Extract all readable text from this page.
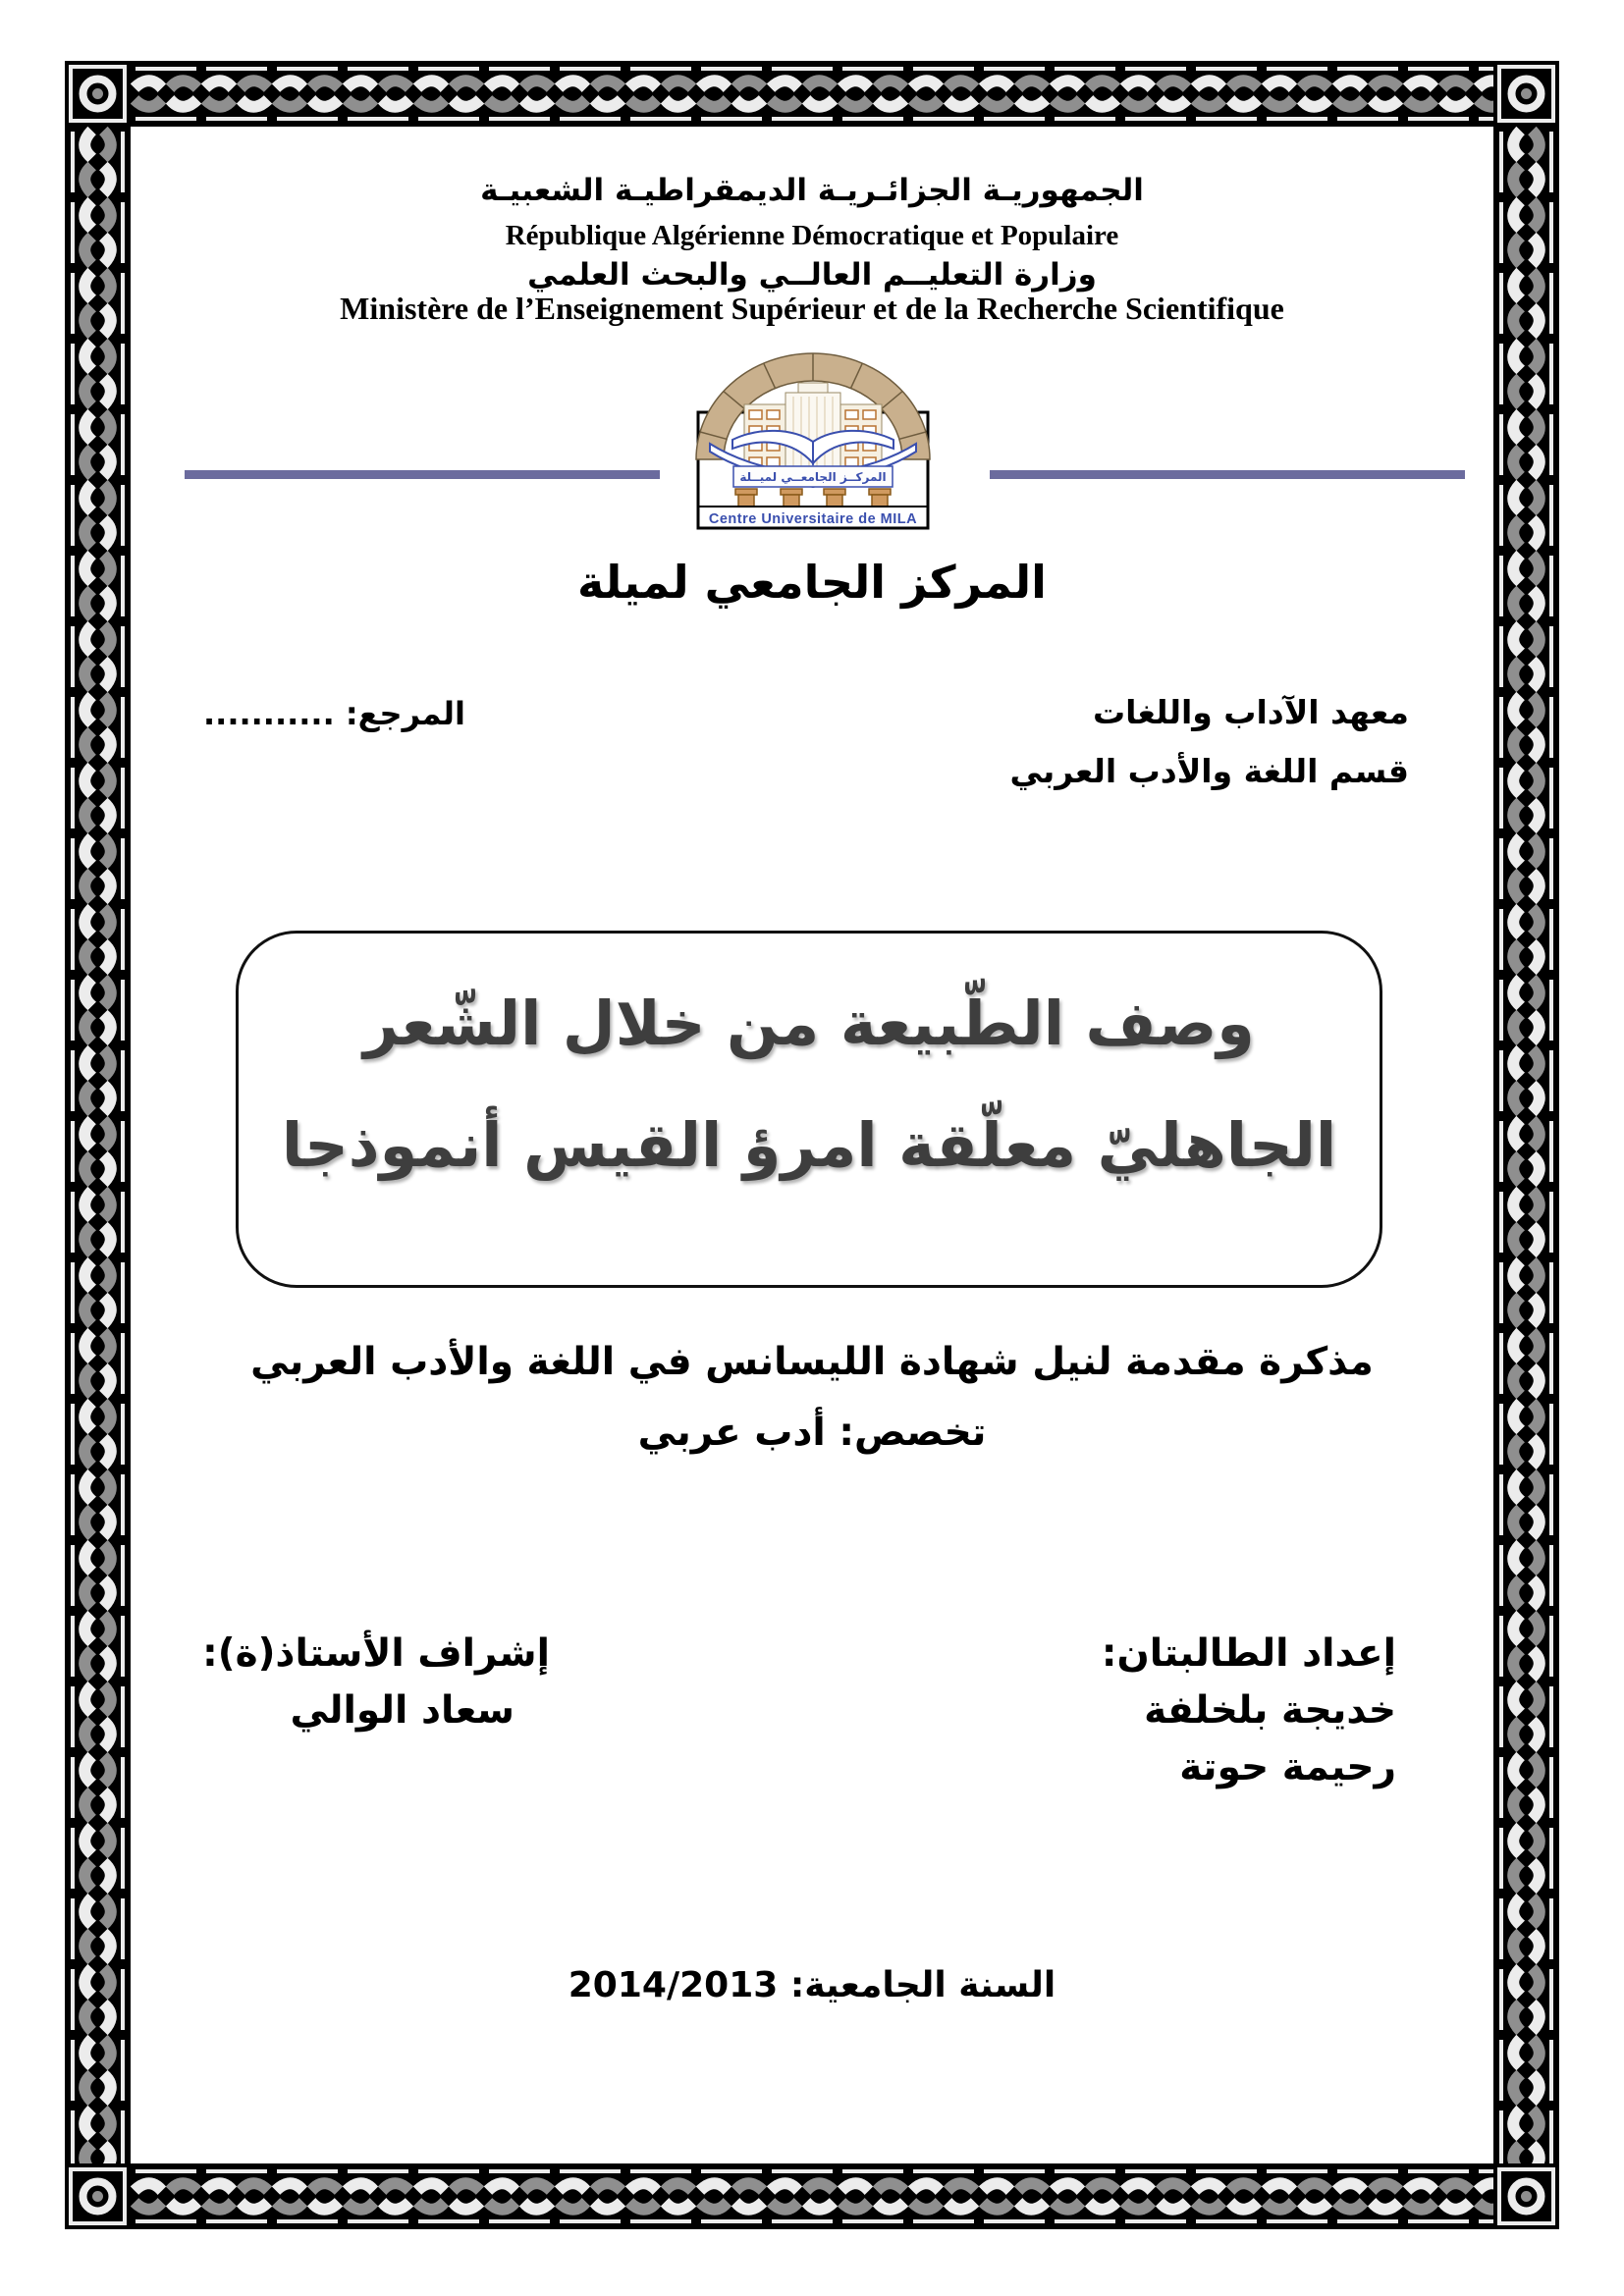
الجمهوريـة الجزائـريـة الديمقراطيـة الشعبيـة
République Algérienne Démocratique et Populaire
وزارة التعليــم العالــي والبحث العلمي
Ministère de l’Enseignement Supérieur et de la Recherche Scientifique
المركــز الجامعــي لميــلة
Centre Universitaire de MILA
المركز الجامعي لميلة
معهد الآداب واللغات
قسم اللغة والأدب العربي
المرجع: ...........
وصف الطّبيعة من خلال الشّعر
الجاهليّ معلّقة امرؤ القيس أنموذجا
مذكرة مقدمة لنيل شهادة الليسانس في اللغة والأدب العربي
تخصص: أدب عربي
إعداد الطالبتان:
خديجة بلخلفة
رحيمة حوتة
إشراف الأستاذ(ة):
سعاد الوالي
السنة الجامعية: 2014/2013
